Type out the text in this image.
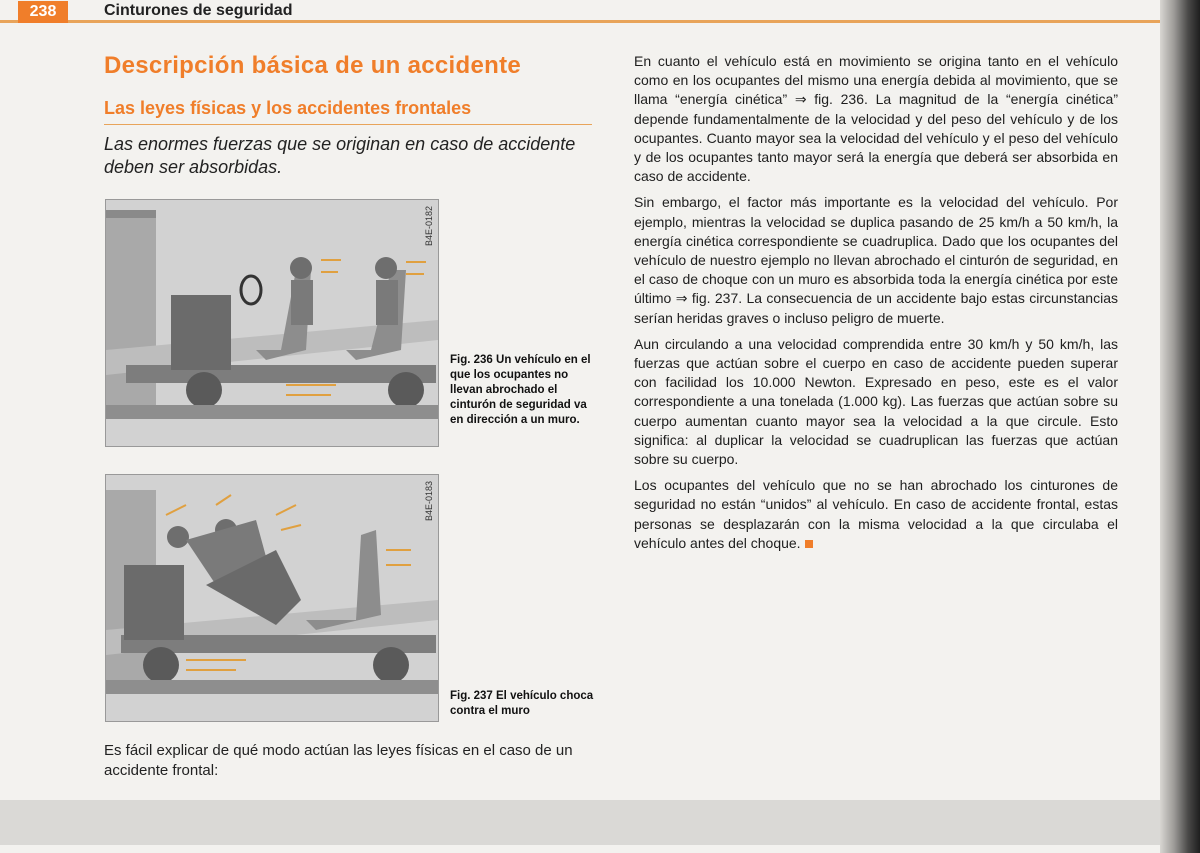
238	Cinturones de seguridad
Descripción básica de un accidente
Las leyes físicas y los accidentes frontales

Las enormes fuerzas que se originan en caso de accidente deben ser absorbidas.

B4E-0182

Fig. 236 Un vehículo en el que los ocupantes no llevan abrochado el cinturón de seguridad va en dirección a un muro.

B4E-0183

Fig. 237 El vehículo choca contra el muro

Es fácil explicar de qué modo actúan las leyes físicas en el caso de un accidente frontal:

En cuanto el vehículo está en movimiento se origina tanto en el vehículo como en los ocupantes del mismo una energía debida al movimiento, que se llama “energía cinética” ⇒ fig. 236. La magnitud de la “energía cinética” depende fundamentalmente de la velocidad y del peso del vehículo y de los ocupantes. Cuanto mayor sea la velocidad del vehículo y el peso del vehículo y de los ocupantes tanto mayor será la energía que deberá ser absorbida en caso de accidente.

Sin embargo, el factor más importante es la velocidad del vehículo. Por ejemplo, mientras la velocidad se duplica pasando de 25 km/h a 50 km/h, la energía cinética correspondiente se cuadruplica. Dado que los ocupantes del vehículo de nuestro ejemplo no llevan abrochado el cinturón de seguridad, en el caso de choque con un muro es absorbida toda la energía cinética por este último ⇒ fig. 237. La consecuencia de un accidente bajo estas circunstancias serían heridas graves o incluso peligro de muerte.

Aun circulando a una velocidad comprendida entre 30 km/h y 50 km/h, las fuerzas que actúan sobre el cuerpo en caso de accidente pueden superar con facilidad los 10.000 Newton. Expresado en peso, este es el valor correspondiente a una tonelada (1.000 kg). Las fuerzas que actúan sobre su cuerpo aumentan cuanto mayor sea la velocidad a la que circule. Esto significa: al duplicar la velocidad se cuadruplican las fuerzas que actúan sobre su cuerpo.

Los ocupantes del vehículo que no se han abrochado los cinturones de seguridad no están “unidos” al vehículo. En caso de accidente frontal, estas personas se desplazarán con la misma velocidad a la que circulaba el vehículo antes del choque.
